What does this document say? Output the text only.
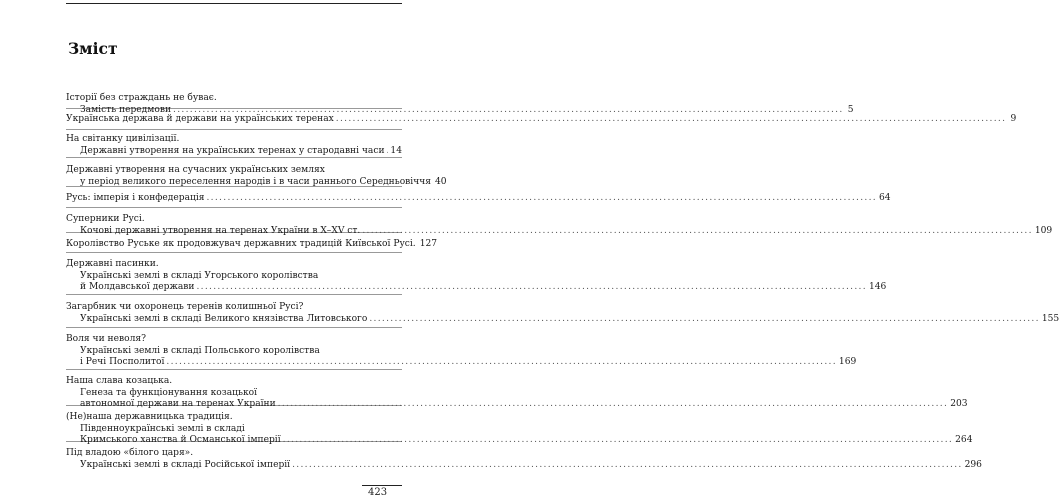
Зміст
Історії без страждань не буває.
Замість передмови .....	5
Українська держава й держави на українських теренах .....	9
На світанку цивілізації.
Державні утворення на українських теренах у стародавні часи ..... 14
Державні утворення на сучасних українських землях
у період великого переселення народів і в часи раннього Середньовіччя 40
Русь: імперія і конфедерація .....	64
Суперники Русі.
Кочові державні утворення на теренах України в X–XV ст. .....	109
Королівство Руське як продовжувач державних традицій Київської Русі. 127
Державні пасинки.
Українські землі в складі Угорського королівства
й Молдавської держави .....	146
Загарбник чи охоронець теренів колишньої Русі?
Українські землі в складі Великого князівства Литовського .....	155
Воля чи неволя?
Українські землі в складі Польського королівства
і Речі Посполитої .....	169
Наша слава козацька.
Генеза та функціонування козацької
автономної держави на теренах України .....	203
(Не)наша державницька традиція.
Південноукраїнські землі в складі
Кримського ханства й Османської імперії .....	264
Під владою «білого царя».
Українські землі в складі Російської імперії .....	296
423
